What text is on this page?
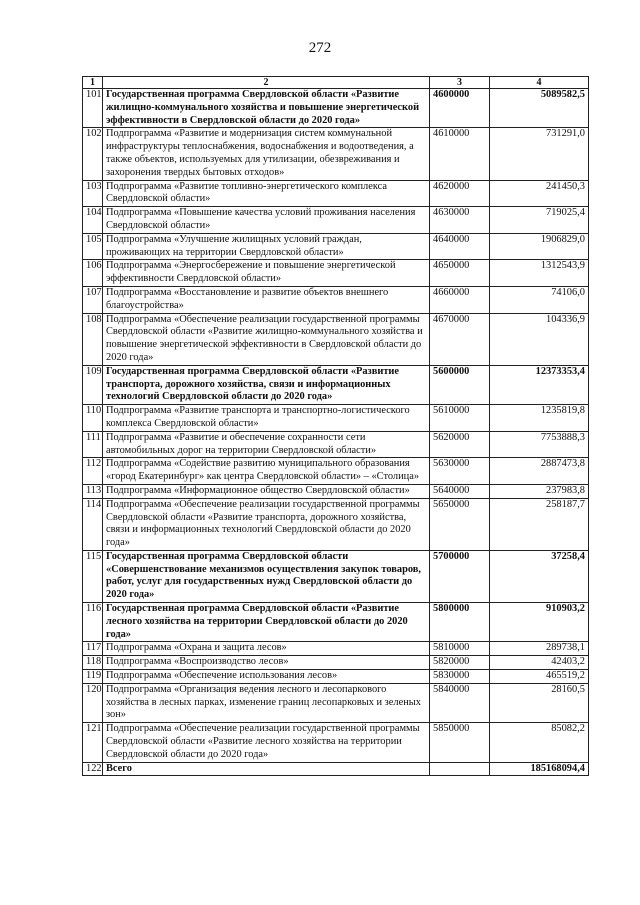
272
1	2	3	4
101	Государственная программа Свердловской области «Развитие жилищно-коммунального хозяйства и повышение энергетической эффективности в Свердловской области до 2020 года»	4600000	5089582,5
102	Подпрограмма «Развитие и модернизация систем коммунальной инфраструктуры теплоснабжения, водоснабжения и водоотведения, а также объектов, используемых для утилизации, обезвреживания и захоронения твердых бытовых отходов»	4610000	731291,0
103	Подпрограмма «Развитие топливно-энергетического комплекса Свердловской области»	4620000	241450,3
104	Подпрограмма «Повышение качества условий проживания населения Свердловской области»	4630000	719025,4
105	Подпрограмма «Улучшение жилищных условий граждан, проживающих на территории Свердловской области»	4640000	1906829,0
106	Подпрограмма «Энергосбережение и повышение энергетической эффективности Свердловской области»	4650000	1312543,9
107	Подпрограмма «Восстановление и развитие объектов внешнего благоустройства»	4660000	74106,0
108	Подпрограмма «Обеспечение реализации государственной программы Свердловской области «Развитие жилищно-коммунального хозяйства и повышение энергетической эффективности в Свердловской области до 2020 года»	4670000	104336,9
109	Государственная программа Свердловской области «Развитие транспорта, дорожного хозяйства, связи и информационных технологий Свердловской области до 2020 года»	5600000	12373353,4
110	Подпрограмма «Развитие транспорта и транспортно-логистического комплекса Свердловской области»	5610000	1235819,8
111	Подпрограмма «Развитие и обеспечение сохранности сети автомобильных дорог на территории Свердловской области»	5620000	7753888,3
112	Подпрограмма «Содействие развитию муниципального образования «город Екатеринбург» как центра Свердловской области» – «Столица»	5630000	2887473,8
113	Подпрограмма «Информационное общество Свердловской области»	5640000	237983,8
114	Подпрограмма «Обеспечение реализации государственной программы Свердловской области «Развитие транспорта, дорожного хозяйства, связи и информационных технологий Свердловской области до 2020 года»	5650000	258187,7
115	Государственная программа Свердловской области «Совершенствование механизмов осуществления закупок товаров, работ, услуг для государственных нужд Свердловской области до 2020 года»	5700000	37258,4
116	Государственная программа Свердловской области «Развитие лесного хозяйства на территории Свердловской области до 2020 года»	5800000	910903,2
117	Подпрограмма «Охрана и защита лесов»	5810000	289738,1
118	Подпрограмма «Воспроизводство лесов»	5820000	42403,2
119	Подпрограмма «Обеспечение использования лесов»	5830000	465519,2
120	Подпрограмма «Организация ведения лесного и лесопаркового хозяйства в лесных парках, изменение границ лесопарковых и зеленых зон»	5840000	28160,5
121	Подпрограмма «Обеспечение реализации государственной программы Свердловской области «Развитие лесного хозяйства на территории Свердловской области до 2020 года»	5850000	85082,2
122	Всего		185168094,4
